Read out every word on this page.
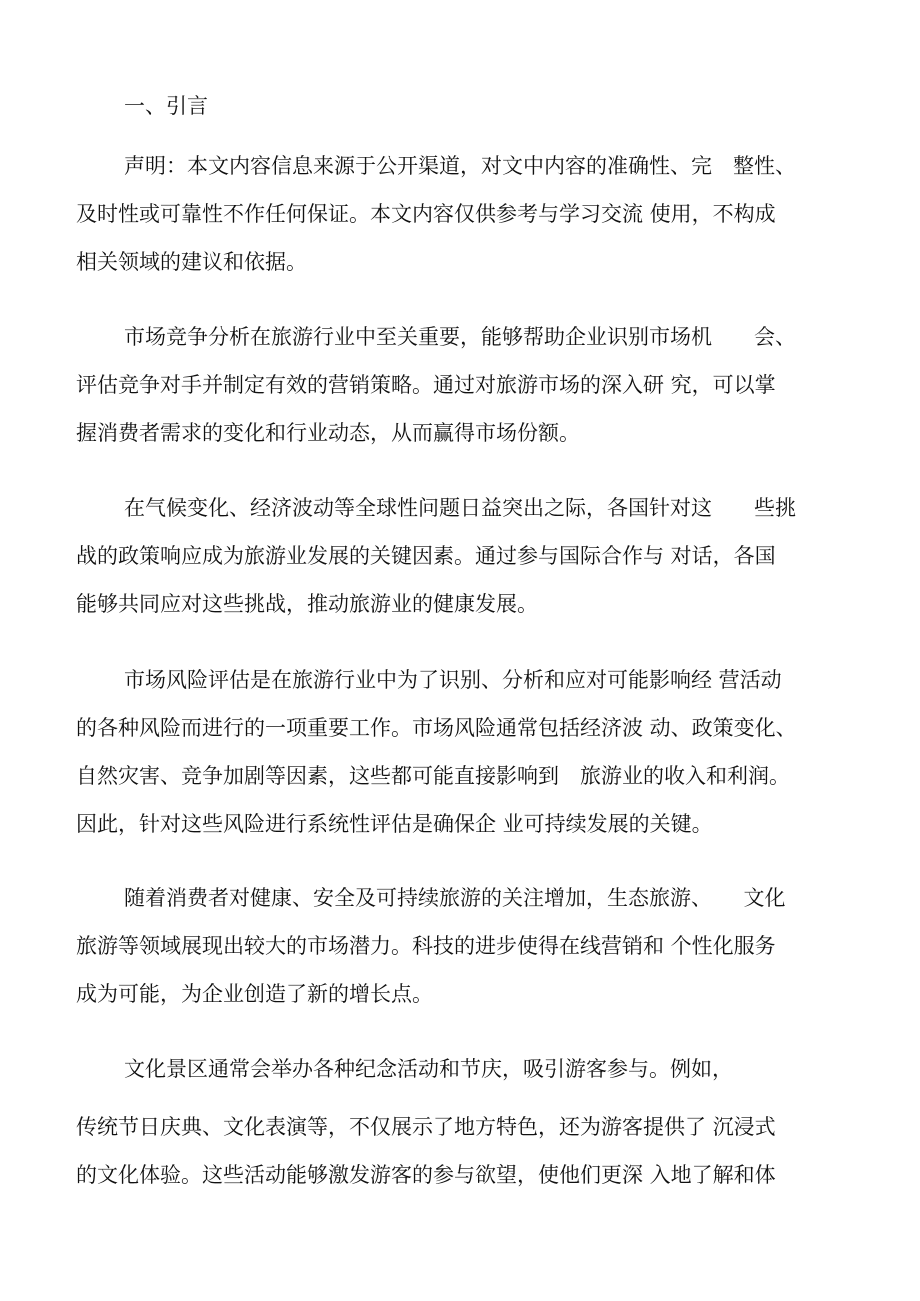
一、引言
声明：本文内容信息来源于公开渠道，对文中内容的准确性、完　整性、
及时性或可靠性不作任何保证。本文内容仅供参考与学习交流 使用，不构成
相关领域的建议和依据。
市场竞争分析在旅游行业中至关重要，能够帮助企业识别市场机　　会、
评估竞争对手并制定有效的营销策略。通过对旅游市场的深入研 究，可以掌
握消费者需求的变化和行业动态，从而赢得市场份额。
在气候变化、经济波动等全球性问题日益突出之际，各国针对这　　些挑
战的政策响应成为旅游业发展的关键因素。通过参与国际合作与 对话，各国
能够共同应对这些挑战，推动旅游业的健康发展。
市场风险评估是在旅游行业中为了识别、分析和应对可能影响经 营活动
的各种风险而进行的一项重要工作。市场风险通常包括经济波 动、政策变化、
自然灾害、竞争加剧等因素，这些都可能直接影响到　旅游业的收入和利润。
因此，针对这些风险进行系统性评估是确保企 业可持续发展的关键。
随着消费者对健康、安全及可持续旅游的关注增加，生态旅游、　　文化
旅游等领域展现出较大的市场潜力。科技的进步使得在线营销和 个性化服务
成为可能，为企业创造了新的增长点。
文化景区通常会举办各种纪念活动和节庆，吸引游客参与。例如，
传统节日庆典、文化表演等，不仅展示了地方特色，还为游客提供了 沉浸式
的文化体验。这些活动能够激发游客的参与欲望，使他们更深 入地了解和体
